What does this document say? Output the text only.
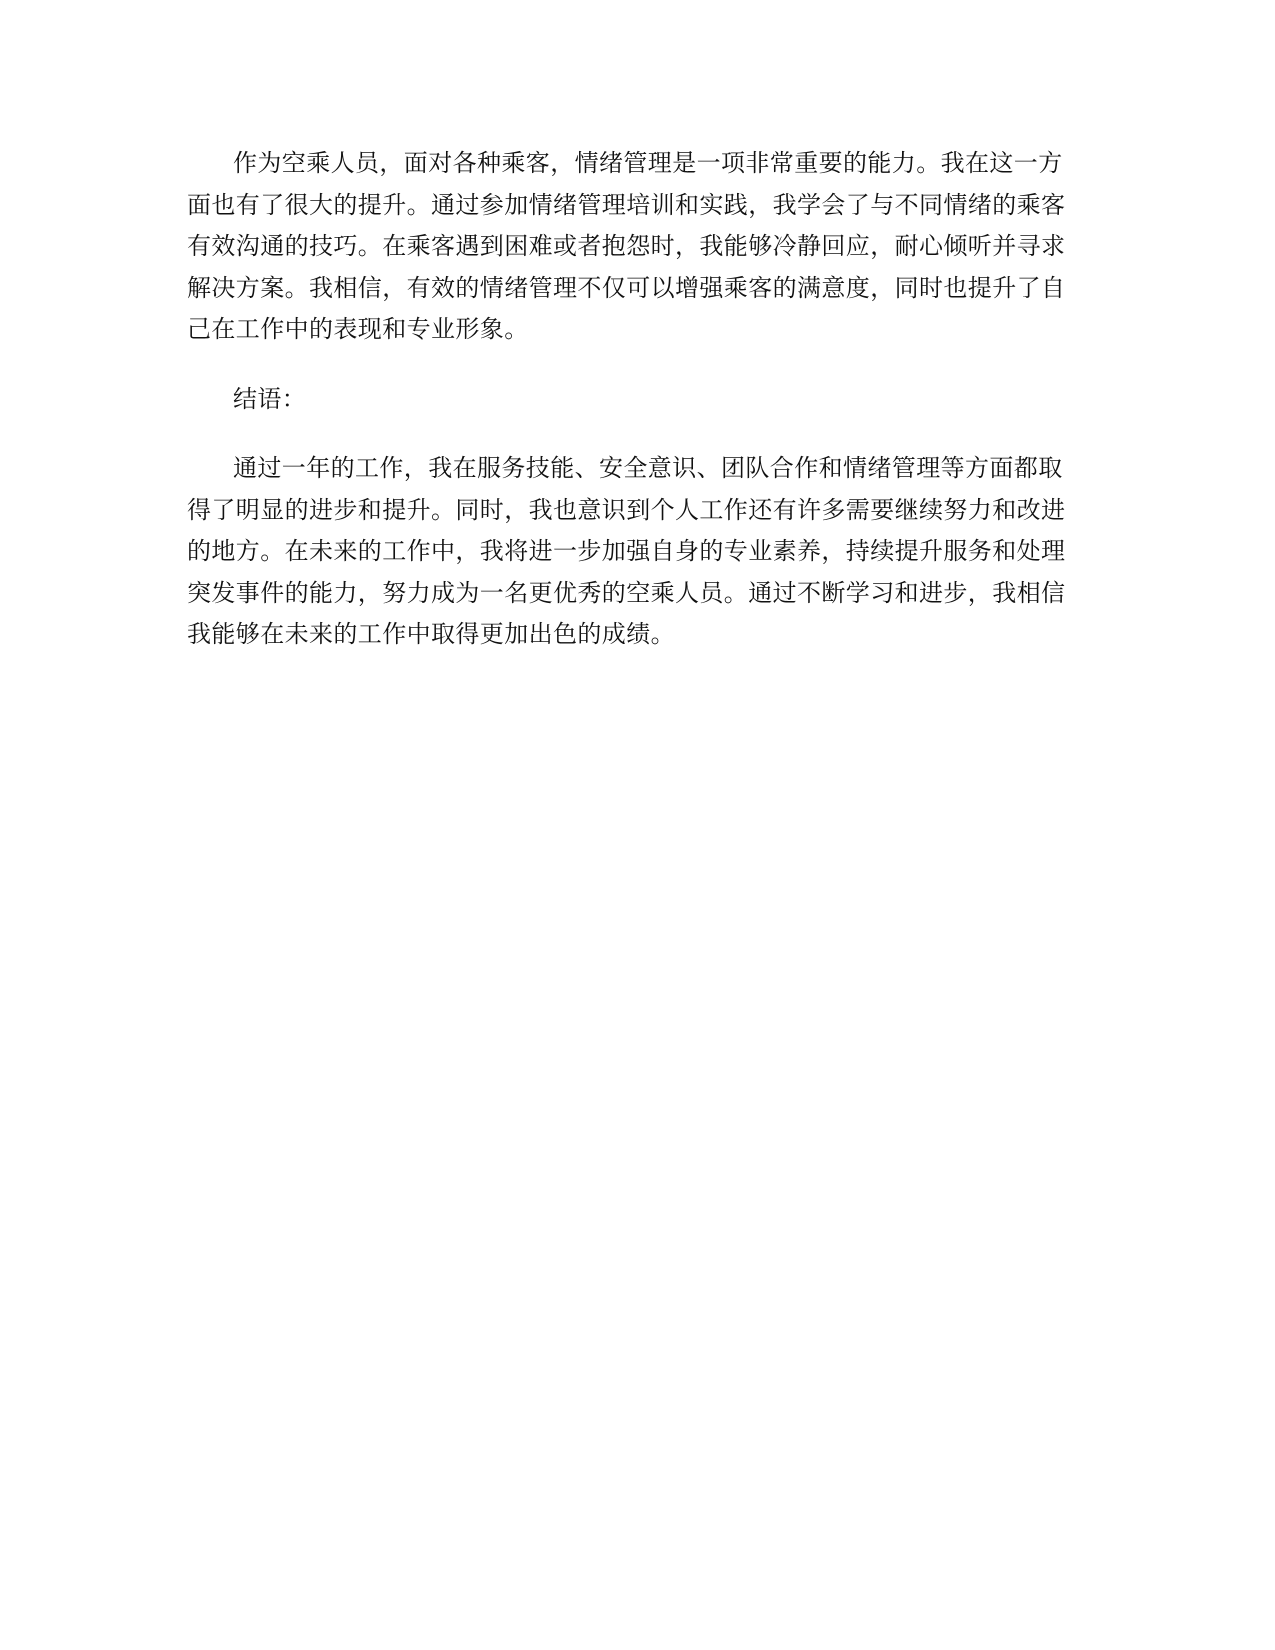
作为空乘人员，面对各种乘客，情绪管理是一项非常重要的能力。我在这一方
面也有了很大的提升。通过参加情绪管理培训和实践，我学会了与不同情绪的乘客
有效沟通的技巧。在乘客遇到困难或者抱怨时，我能够冷静回应，耐心倾听并寻求
解决方案。我相信，有效的情绪管理不仅可以增强乘客的满意度，同时也提升了自
己在工作中的表现和专业形象。

结语：

通过一年的工作，我在服务技能、安全意识、团队合作和情绪管理等方面都取
得了明显的进步和提升。同时，我也意识到个人工作还有许多需要继续努力和改进
的地方。在未来的工作中，我将进一步加强自身的专业素养，持续提升服务和处理
突发事件的能力，努力成为一名更优秀的空乘人员。通过不断学习和进步，我相信
我能够在未来的工作中取得更加出色的成绩。
